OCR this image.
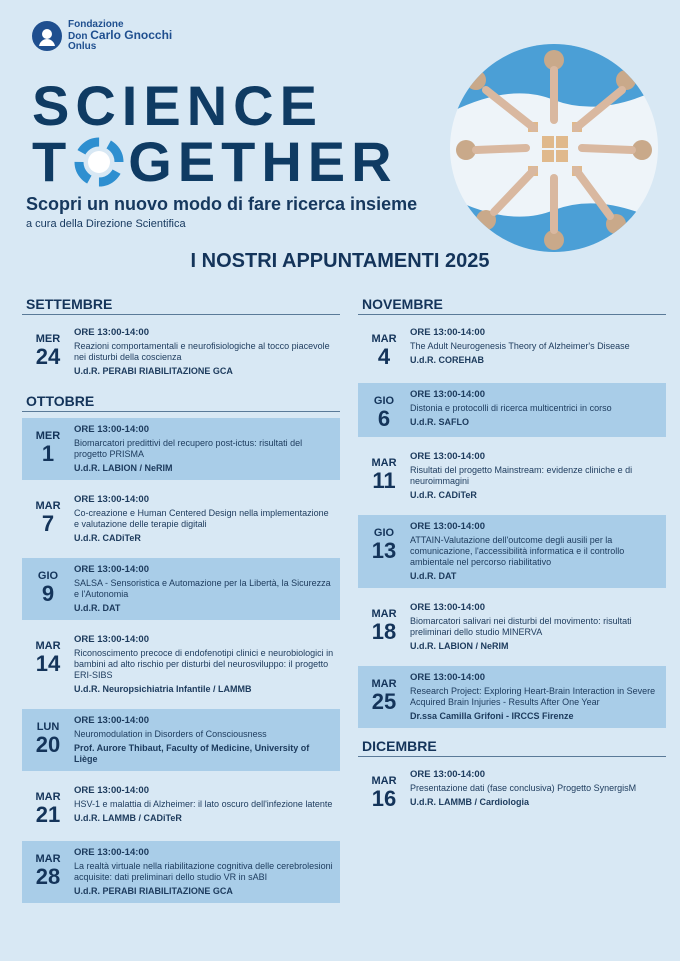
Fondazione
Don Carlo Gnocchi
Onlus
SCIENCE
T GETHER
Scopri un nuovo modo di fare ricerca insieme
a cura della Direzione Scientifica
I NOSTRI APPUNTAMENTI 2025
SETTEMBRE
MER
24
ORE 13:00-14:00
Reazioni comportamentali e neurofisiologiche al tocco piacevole nei disturbi della coscienza
U.d.R. PERABI RIABILITAZIONE GCA
OTTOBRE
MER
1
ORE 13:00-14:00
Biomarcatori predittivi del recupero post-ictus: risultati del progetto PRISMA
U.d.R. LABION / NeRIM
MAR
7
ORE 13:00-14:00
Co-creazione e Human Centered Design nella implementazione e valutazione delle terapie digitali
U.d.R. CADiTeR
GIO
9
ORE 13:00-14:00
SALSA - Sensoristica e Automazione per la Libertà, la Sicurezza e l'Autonomia
U.d.R. DAT
MAR
14
ORE 13:00-14:00
Riconoscimento precoce di endofenotipi clinici e neurobiologici in bambini ad alto rischio per disturbi del neurosviluppo: il progetto ERI-SIBS
U.d.R. Neuropsichiatria Infantile / LAMMB
LUN
20
ORE 13:00-14:00
Neuromodulation in Disorders of Consciousness
Prof. Aurore Thibaut, Faculty of Medicine, University of Liège
MAR
21
ORE 13:00-14:00
HSV-1 e malattia di Alzheimer: il lato oscuro dell'infezione latente
U.d.R. LAMMB / CADiTeR
MAR
28
ORE 13:00-14:00
La realtà virtuale nella riabilitazione cognitiva delle cerebrolesioni acquisite: dati preliminari dello studio VR in sABI
U.d.R. PERABI RIABILITAZIONE GCA
NOVEMBRE
MAR
4
ORE 13:00-14:00
The Adult Neurogenesis Theory of Alzheimer's Disease
U.d.R. COREHAB
GIO
6
ORE 13:00-14:00
Distonia e protocolli di ricerca multicentrici in corso
U.d.R. SAFLO
MAR
11
ORE 13:00-14:00
Risultati del progetto Mainstream: evidenze cliniche e di neuroimmagini
U.d.R. CADiTeR
GIO
13
ORE 13:00-14:00
ATTAIN-Valutazione dell'outcome degli ausili per la comunicazione, l'accessibilità informatica e il controllo ambientale nel percorso riabilitativo
U.d.R. DAT
MAR
18
ORE 13:00-14:00
Biomarcatori salivari nei disturbi del movimento: risultati preliminari dello studio MINERVA
U.d.R. LABION / NeRIM
MAR
25
ORE 13:00-14:00
Research Project: Exploring Heart-Brain Interaction in Severe Acquired Brain Injuries - Results After One Year
Dr.ssa Camilla Grifoni - IRCCS Firenze
DICEMBRE
MAR
16
ORE 13:00-14:00
Presentazione dati (fase conclusiva) Progetto SynergisM
U.d.R. LAMMB / Cardiologia
